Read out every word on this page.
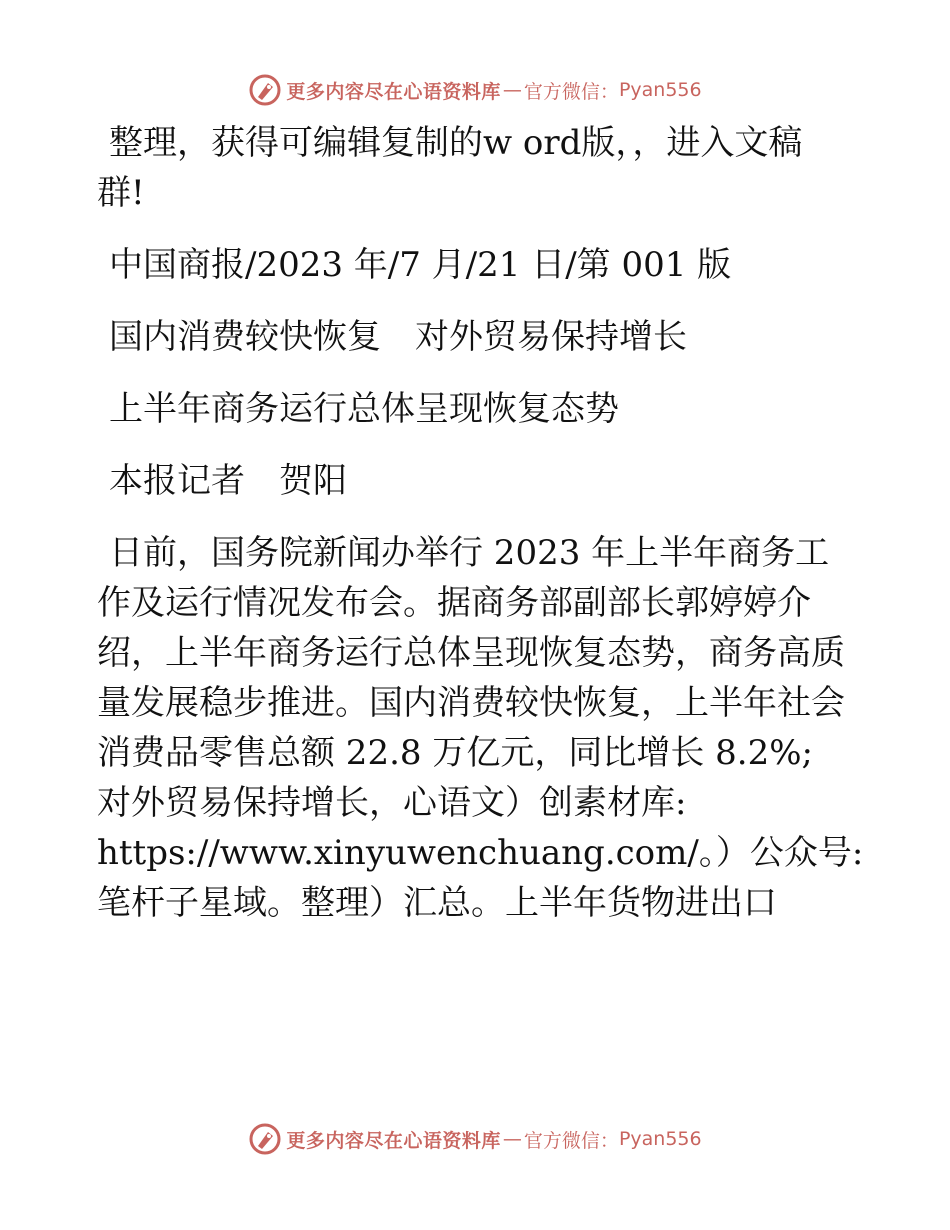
更多内容尽在心语资料库 — 官方微信： Pyan556

整理，获得可编辑复制的w ord版，，进入文稿

群!

中国商报/2023 年/7 月/21 日/第 001 版

国内消费较快恢复　对外贸易保持增长

上半年商务运行总体呈现恢复态势

本报记者　贺阳

日前，国务院新闻办举行 2023 年上半年商务工

作及运行情况发布会。据商务部副部长郭婷婷介

绍，上半年商务运行总体呈现恢复态势，商务高质

量发展稳步推进。国内消费较快恢复，上半年社会

消费品零售总额 22.8 万亿元，同比增长 8.2%;

对外贸易保持增长，心语文）创素材库:

https://www.xinyuwenchuang.com/。）公众号:

笔杆子星域。整理）汇总。上半年货物进出口

更多内容尽在心语资料库 — 官方微信： Pyan556
